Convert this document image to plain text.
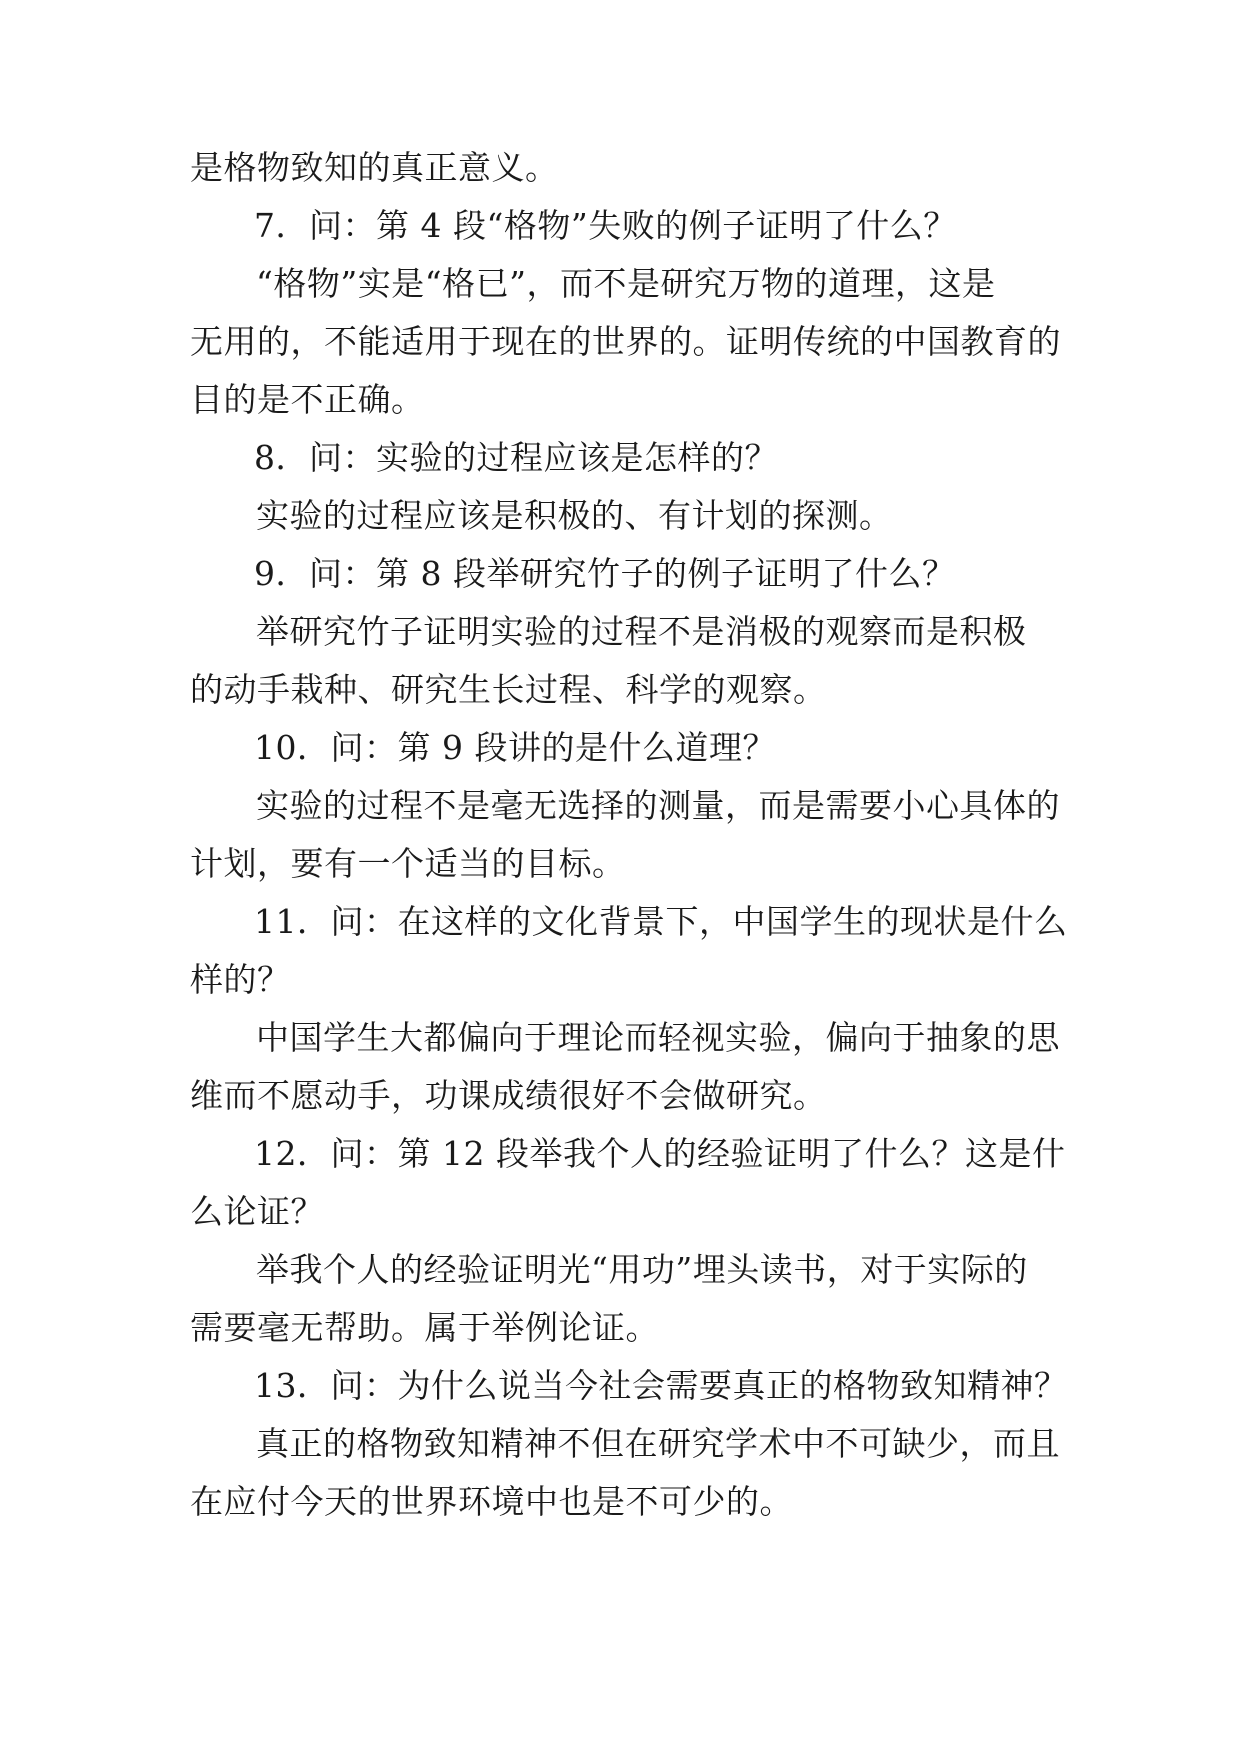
是格物致知的真正意义。
7．问：第 4 段“格物”失败的例子证明了什么？
“格物”实是“格已”，而不是研究万物的道理，这是
无用的，不能适用于现在的世界的。证明传统的中国教育的
目的是不正确。
8．问：实验的过程应该是怎样的？
实验的过程应该是积极的、有计划的探测。
9．问：第 8 段举研究竹子的例子证明了什么？
举研究竹子证明实验的过程不是消极的观察而是积极
的动手栽种、研究生长过程、科学的观察。
10．问：第 9 段讲的是什么道理？
实验的过程不是毫无选择的测量，而是需要小心具体的
计划，要有一个适当的目标。
11．问：在这样的文化背景下，中国学生的现状是什么
样的？
中国学生大都偏向于理论而轻视实验，偏向于抽象的思
维而不愿动手，功课成绩很好不会做研究。
12．问：第 12 段举我个人的经验证明了什么？这是什
么论证？
举我个人的经验证明光“用功”埋头读书，对于实际的
需要毫无帮助。属于举例论证。
13．问：为什么说当今社会需要真正的格物致知精神？
真正的格物致知精神不但在研究学术中不可缺少，而且
在应付今天的世界环境中也是不可少的。
